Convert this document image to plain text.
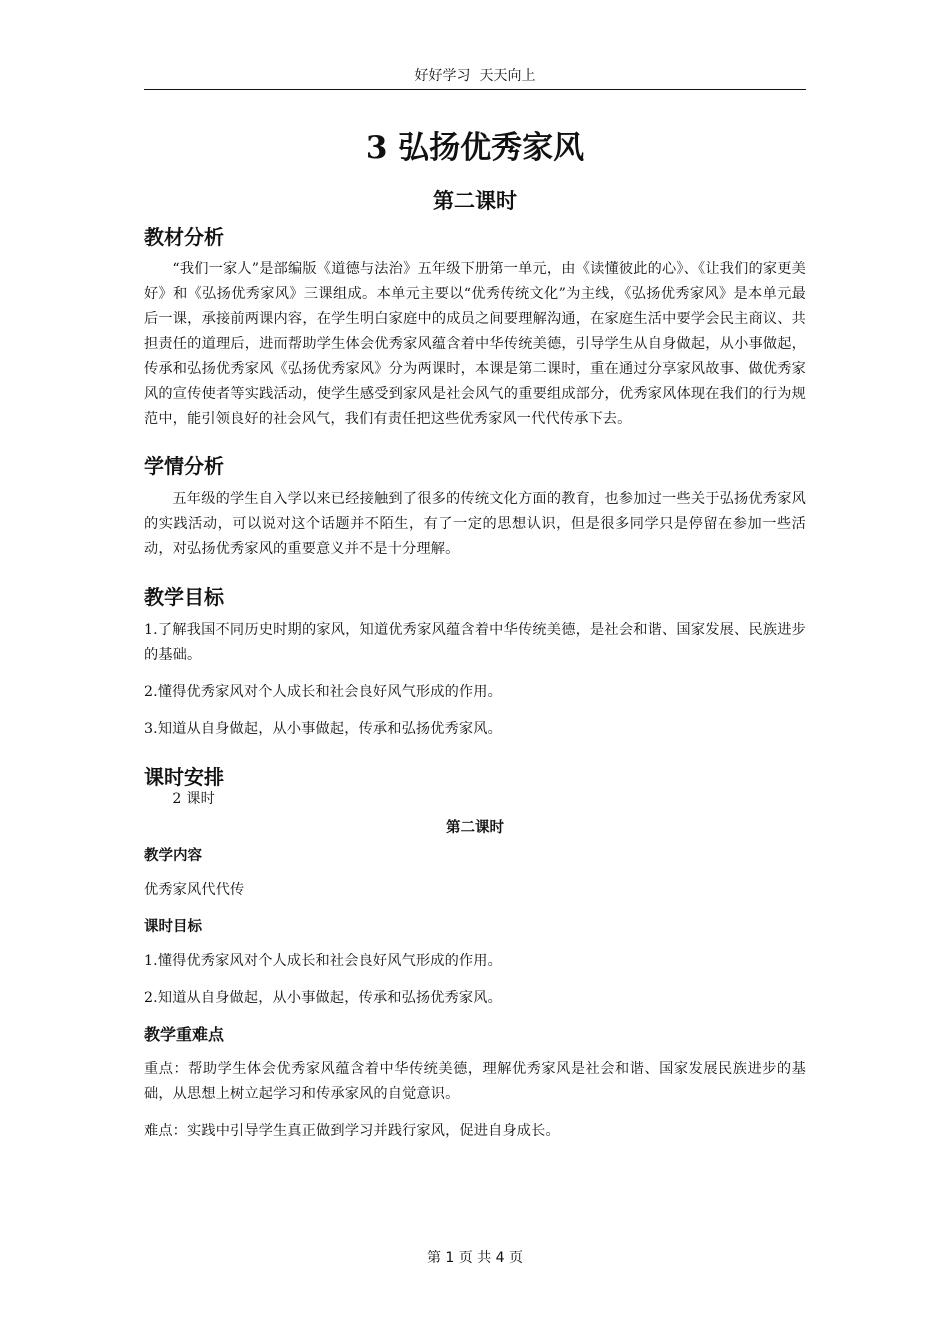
好好学习  天天向上
3 弘扬优秀家风
第二课时
教材分析

“我们一家人”是部编版《道德与法治》五年级下册第一单元，由《读懂彼此的心》、《让我们的家更美好》和《弘扬优秀家风》三课组成。本单元主要以“优秀传统文化”为主线，《弘扬优秀家风》是本单元最后一课，承接前两课内容，在学生明白家庭中的成员之间要理解沟通，在家庭生活中要学会民主商议、共担责任的道理后，进而帮助学生体会优秀家风蕴含着中华传统美德，引导学生从自身做起，从小事做起，传承和弘扬优秀家风《弘扬优秀家风》分为两课时，本课是第二课时，重在通过分享家风故事、做优秀家风的宣传使者等实践活动，使学生感受到家风是社会风气的重要组成部分，优秀家风体现在我们的行为规范中，能引领良好的社会风气，我们有责任把这些优秀家风一代代传承下去。

学情分析

五年级的学生自入学以来已经接触到了很多的传统文化方面的教育，也参加过一些关于弘扬优秀家风的实践活动，可以说对这个话题并不陌生，有了一定的思想认识，但是很多同学只是停留在参加一些活动，对弘扬优秀家风的重要意义并不是十分理解。

教学目标

1.了解我国不同历史时期的家风，知道优秀家风蕴含着中华传统美德，是社会和谐、国家发展、民族进步的基础。

2.懂得优秀家风对个人成长和社会良好风气形成的作用。

3.知道从自身做起，从小事做起，传承和弘扬优秀家风。

课时安排

2 课时

第二课时
教学内容

优秀家风代代传

课时目标

1.懂得优秀家风对个人成长和社会良好风气形成的作用。

2.知道从自身做起，从小事做起，传承和弘扬优秀家风。

教学重难点

重点：帮助学生体会优秀家风蕴含着中华传统美德，理解优秀家风是社会和谐、国家发展民族进步的基础，从思想上树立起学习和传承家风的自觉意识。

难点：实践中引导学生真正做到学习并践行家风，促进自身成长。

第 1 页 共 4 页
